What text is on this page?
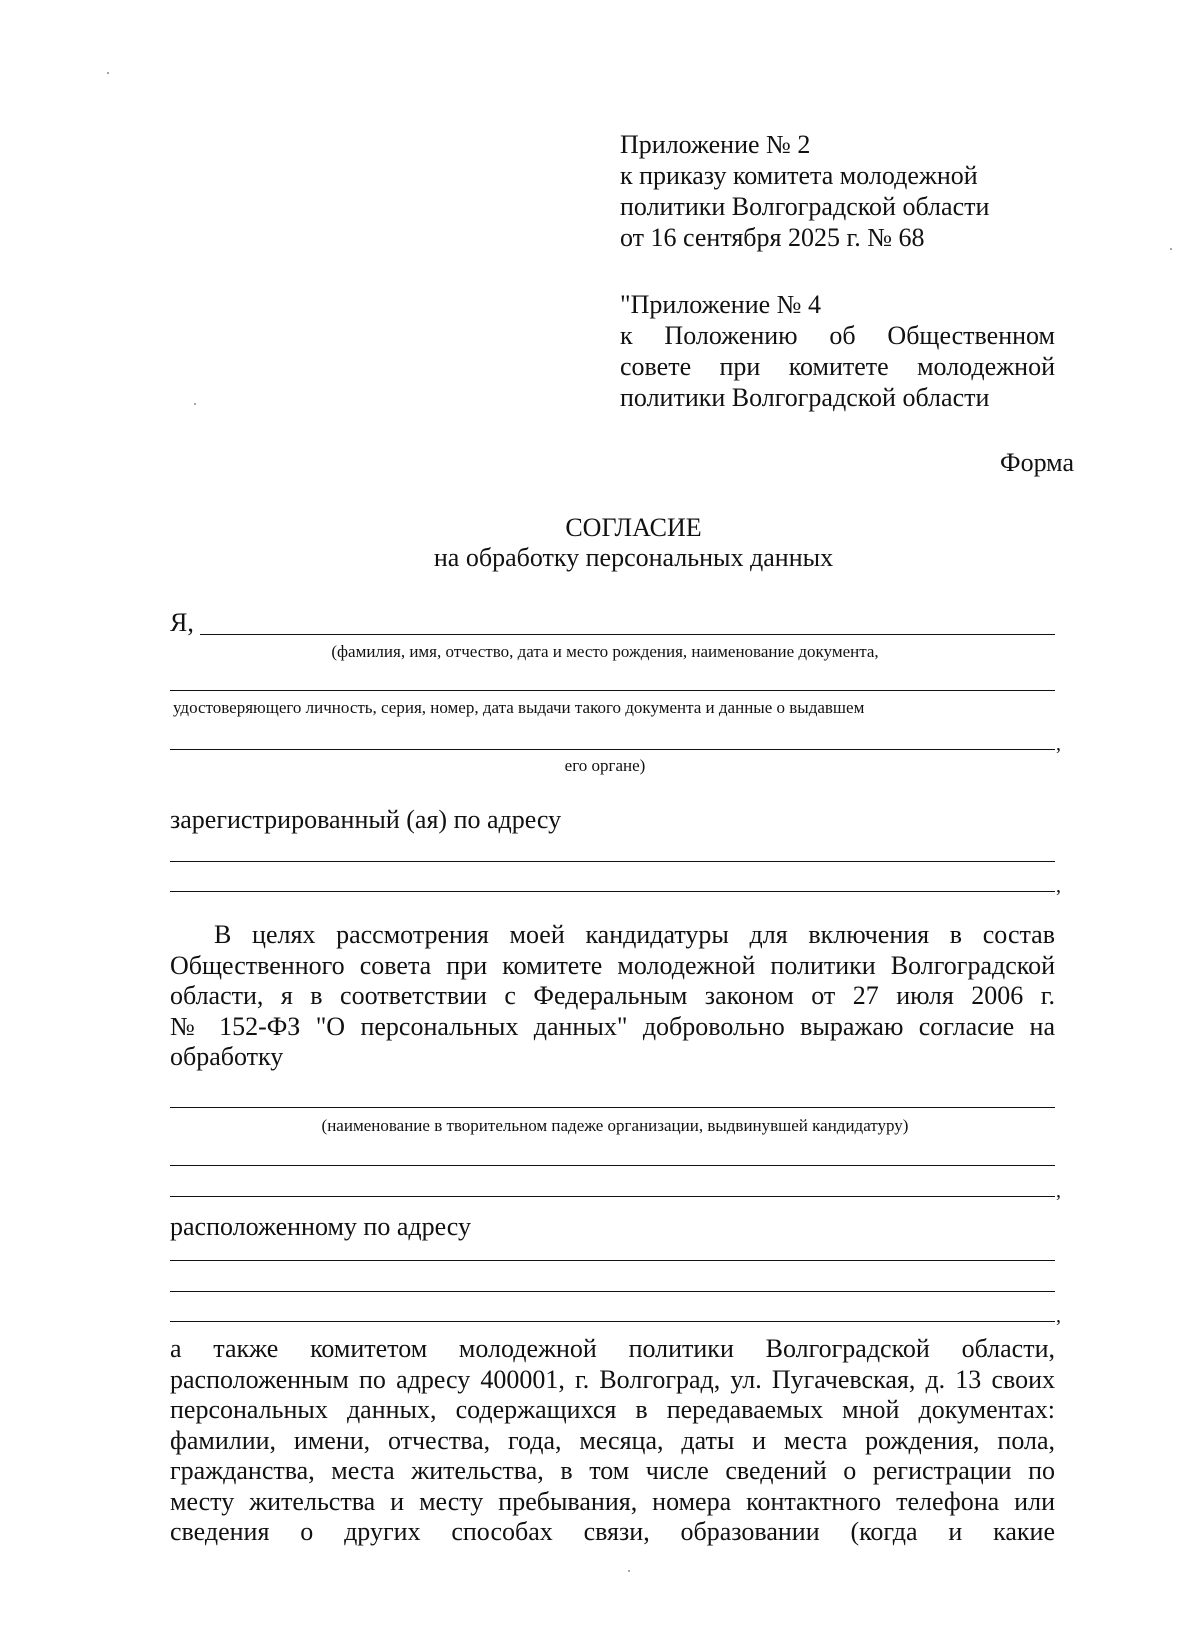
Приложение № 2
к приказу комитета молодежной
политики Волгоградской области
от 16 сентября 2025 г. № 68
"Приложение № 4
к Положению об Общественном
совете при комитете молодежной
политики Волгоградской области
Форма
СОГЛАСИЕ
на обработку персональных данных
Я,
(фамилия, имя, отчество, дата и место рождения, наименование документа,
удостоверяющего личность, серия, номер, дата выдачи такого документа и данные о выдавшем
,
его органе)
зарегистрированный (ая) по адресу
,
В целях рассмотрения моей кандидатуры для включения в состав
Общественного совета при комитете молодежной политики Волгоградской
области, я в соответствии с Федеральным законом от 27 июля 2006 г.
№ 152-ФЗ "О персональных данных" добровольно выражаю согласие на
обработку
(наименование в творительном падеже организации, выдвинувшей кандидатуру)
,
расположенному по адресу
,
а также комитетом молодежной политики Волгоградской области,
расположенным по адресу 400001, г. Волгоград, ул. Пугачевская, д. 13 своих
персональных данных, содержащихся в передаваемых мной документах:
фамилии, имени, отчества, года, месяца, даты и места рождения, пола,
гражданства, места жительства, в том числе сведений о регистрации по
месту жительства и месту пребывания, номера контактного телефона или
сведения о других способах связи, образовании (когда и какие
